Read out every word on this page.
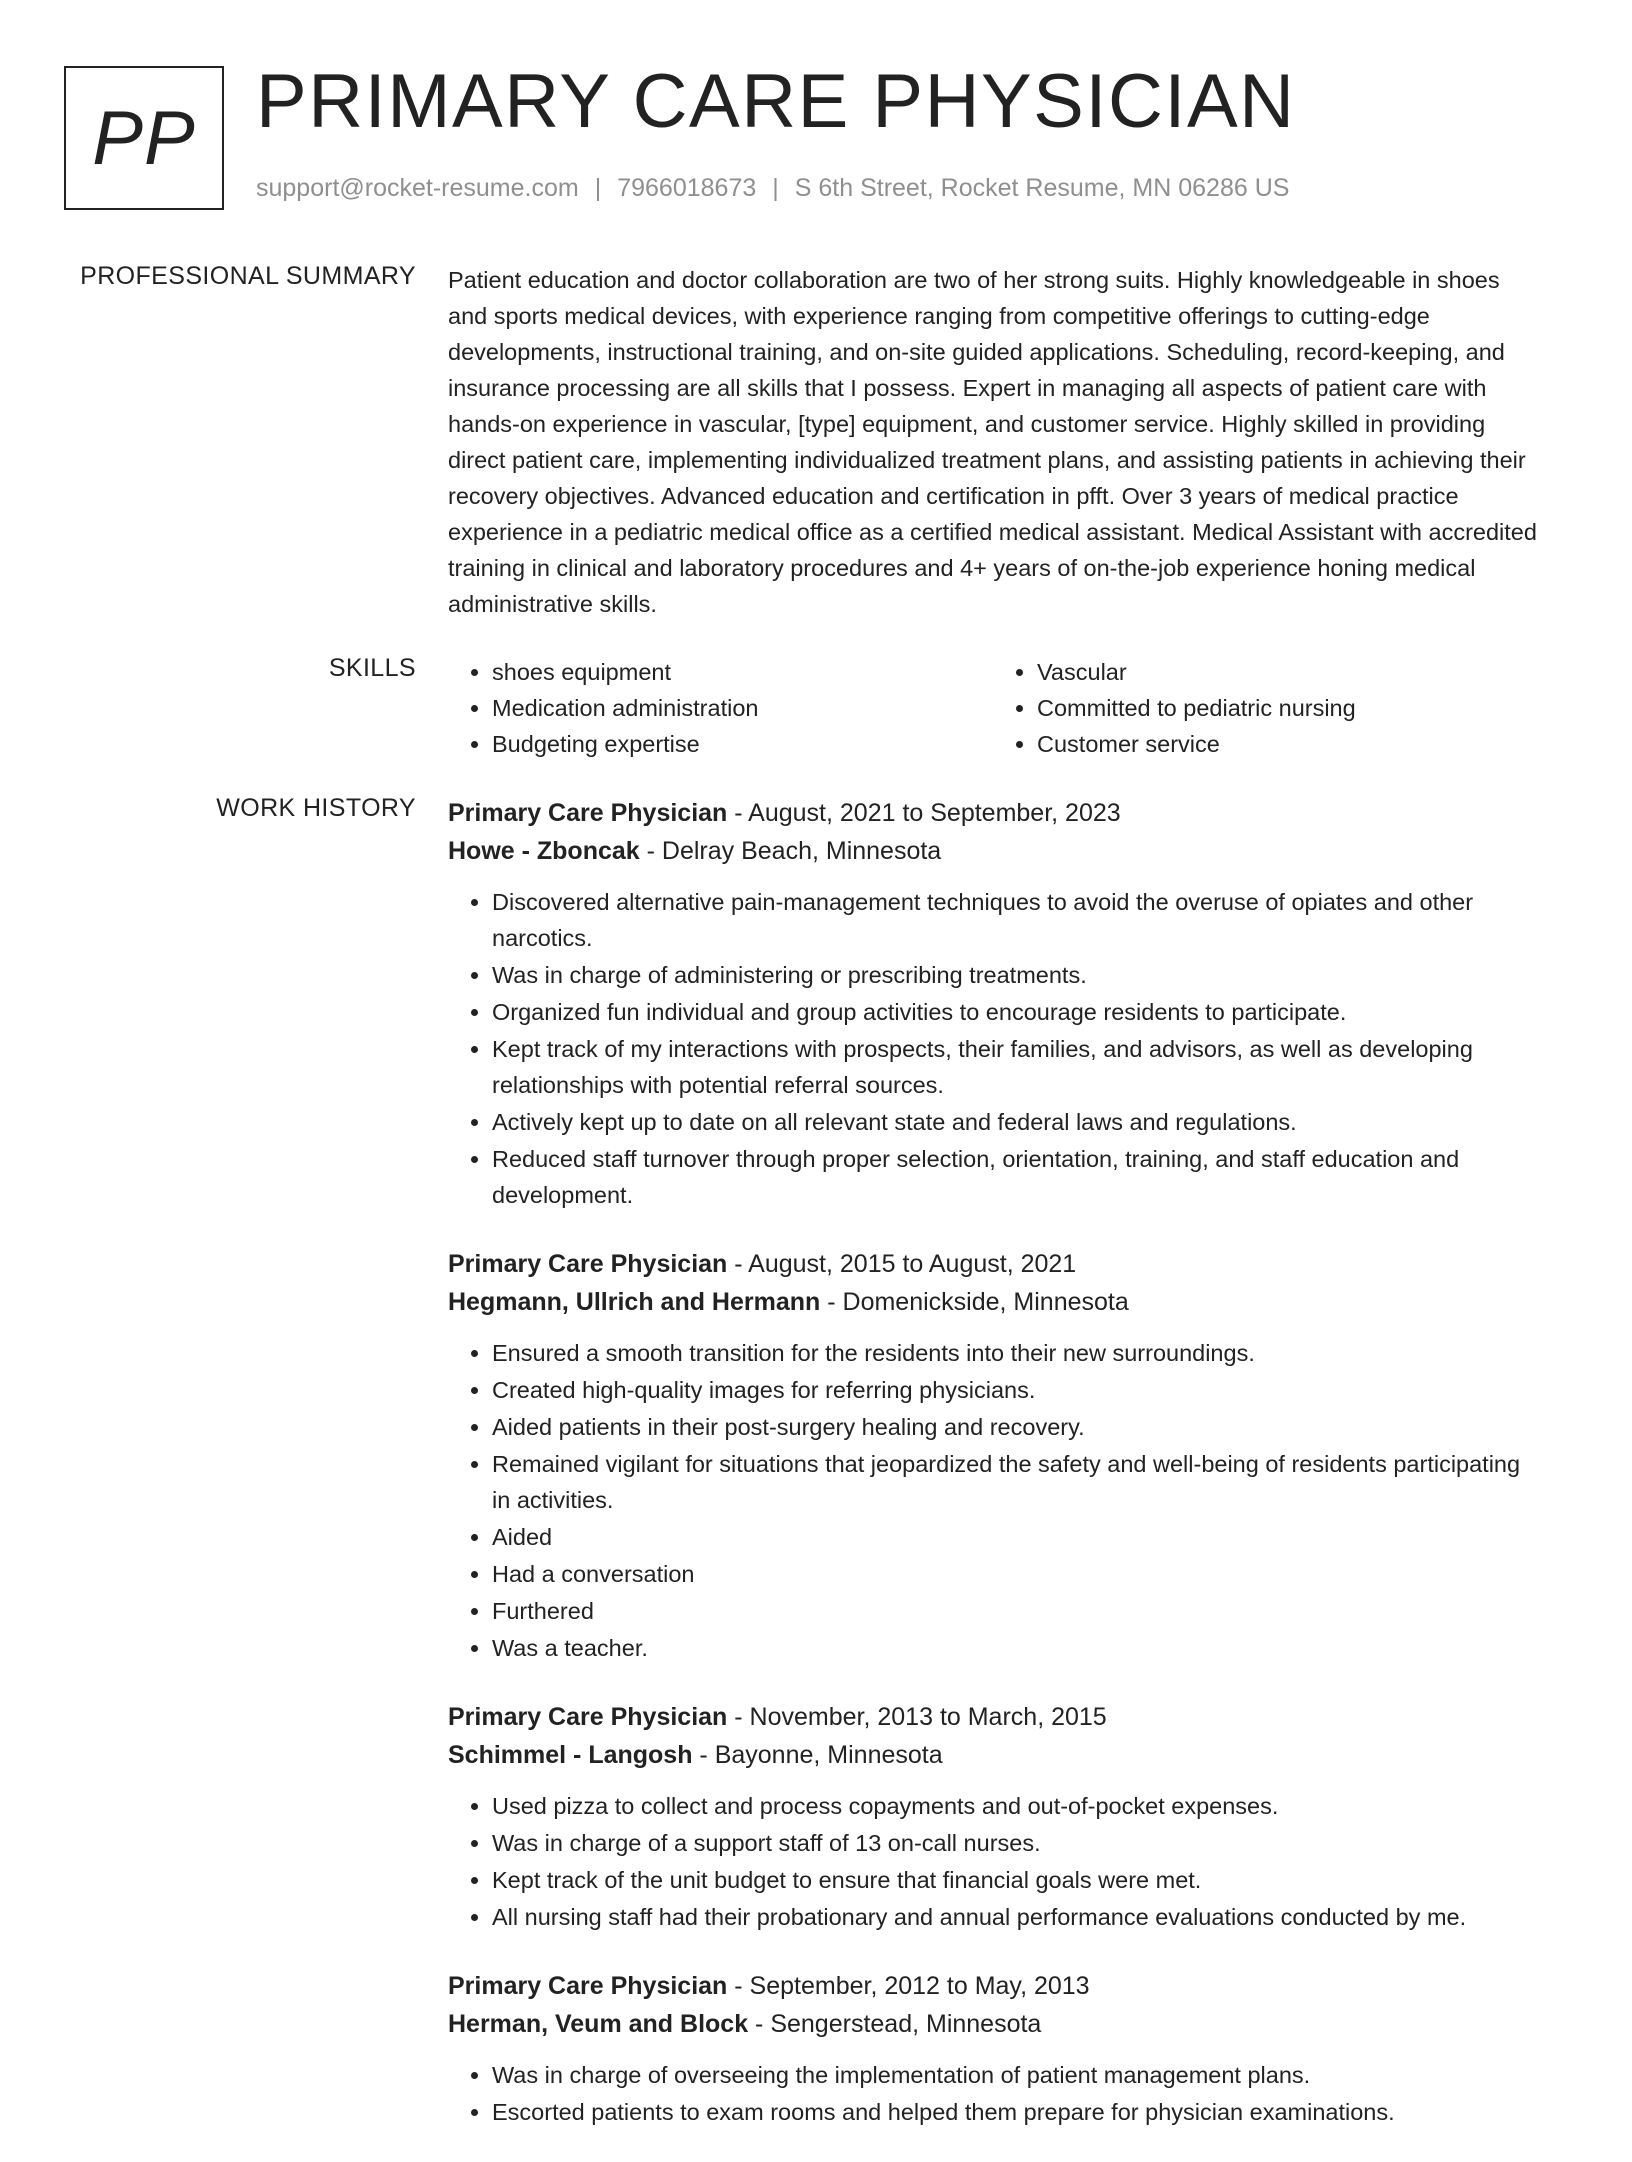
PP PRIMARY CARE PHYSICIAN
support@rocket-resume.com | 7966018673 | S 6th Street, Rocket Resume, MN 06286 US
PROFESSIONAL SUMMARY Patient education and doctor collaboration are two of her strong suits. Highly knowledgeable in shoes and sports medical devices, with experience ranging from competitive offerings to cutting-edge developments, instructional training, and on-site guided applications. Scheduling, record-keeping, and insurance processing are all skills that I possess. Expert in managing all aspects of patient care with hands-on experience in vascular, [type] equipment, and customer service. Highly skilled in providing direct patient care, implementing individualized treatment plans, and assisting patients in achieving their recovery objectives. Advanced education and certification in pfft. Over 3 years of medical practice experience in a pediatric medical office as a certified medical assistant. Medical Assistant with accredited training in clinical and laboratory procedures and 4+ years of on-the-job experience honing medical administrative skills.

SKILLS
•	shoes equipment
• Medication administration
• Budgeting expertise
• Vascular
• Committed to pediatric nursing
• Customer service
WORK HISTORY Primary Care Physician - August, 2021 to September, 2023
Howe - Zboncak - Delray Beach, Minnesota
• Discovered alternative pain-management techniques to avoid the overuse of opiates and other narcotics.
• Was in charge of administering or prescribing treatments.
• Organized fun individual and group activities to encourage residents to participate.
• Kept track of my interactions with prospects, their families, and advisors, as well as developing relationships with potential referral sources.
• Actively kept up to date on all relevant state and federal laws and regulations.
• Reduced staff turnover through proper selection, orientation, training, and staff education and development.
Primary Care Physician - August, 2015 to August, 2021
Hegmann, Ullrich and Hermann - Domenickside, Minnesota
• Ensured a smooth transition for the residents into their new surroundings.
• Created high-quality images for referring physicians.
• Aided patients in their post-surgery healing and recovery.
• Remained vigilant for situations that jeopardized the safety and well-being of residents participating in activities.
• Aided
• Had a conversation
• Furthered
• Was a teacher.
Primary Care Physician - November, 2013 to March, 2015
Schimmel - Langosh - Bayonne, Minnesota
• Used pizza to collect and process copayments and out-of-pocket expenses.
• Was in charge of a support staff of 13 on-call nurses.
• Kept track of the unit budget to ensure that financial goals were met.
• All nursing staff had their probationary and annual performance evaluations conducted by me.
Primary Care Physician - September, 2012 to May, 2013
Herman, Veum and Block - Sengerstead, Minnesota
• Was in charge of overseeing the implementation of patient management plans.
• Escorted patients to exam rooms and helped them prepare for physician examinations.
